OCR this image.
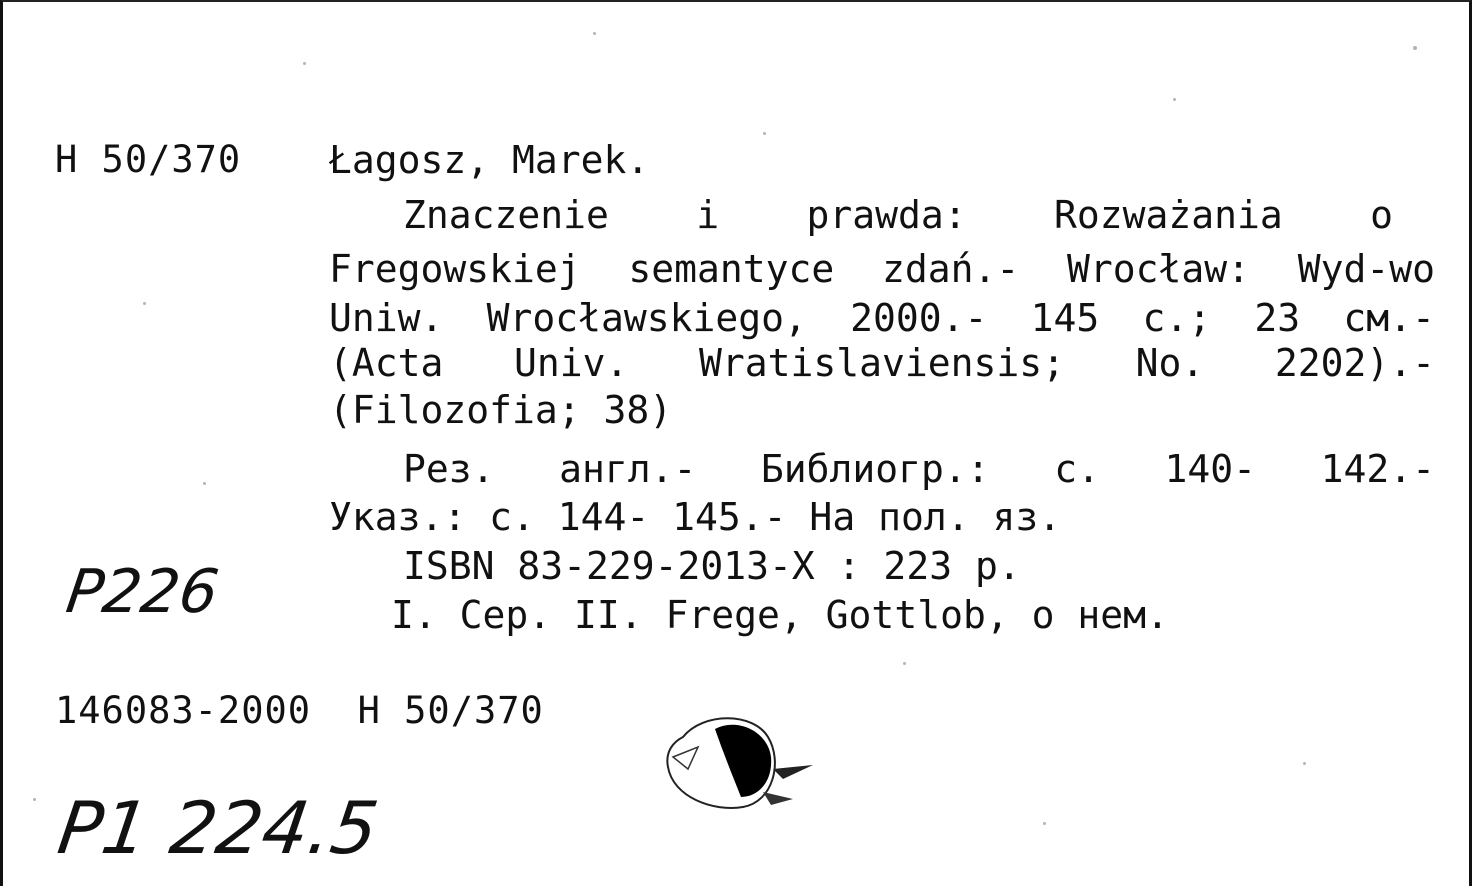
H 50/370 Łagosz, Marek.
Znaczenie i prawda: Rozważania o
Fregowskiej semantyce zdań.- Wrocław: Wyd-wo
Uniw. Wrocławskiego, 2000.- 145 с.; 23 см.-
(Acta Univ. Wratislaviensis; No. 2202).-
(Filozofia; 38)
Рез. англ.- Библиогр.: с. 140- 142.-
Указ.: с. 144- 145.- На пол. яз.
ISBN 83-229-2013-X : 223 р.
I. Сер. II. Frege, Gottlob, о нем.
P226
146083-2000  H 50/370
P1 224.5
